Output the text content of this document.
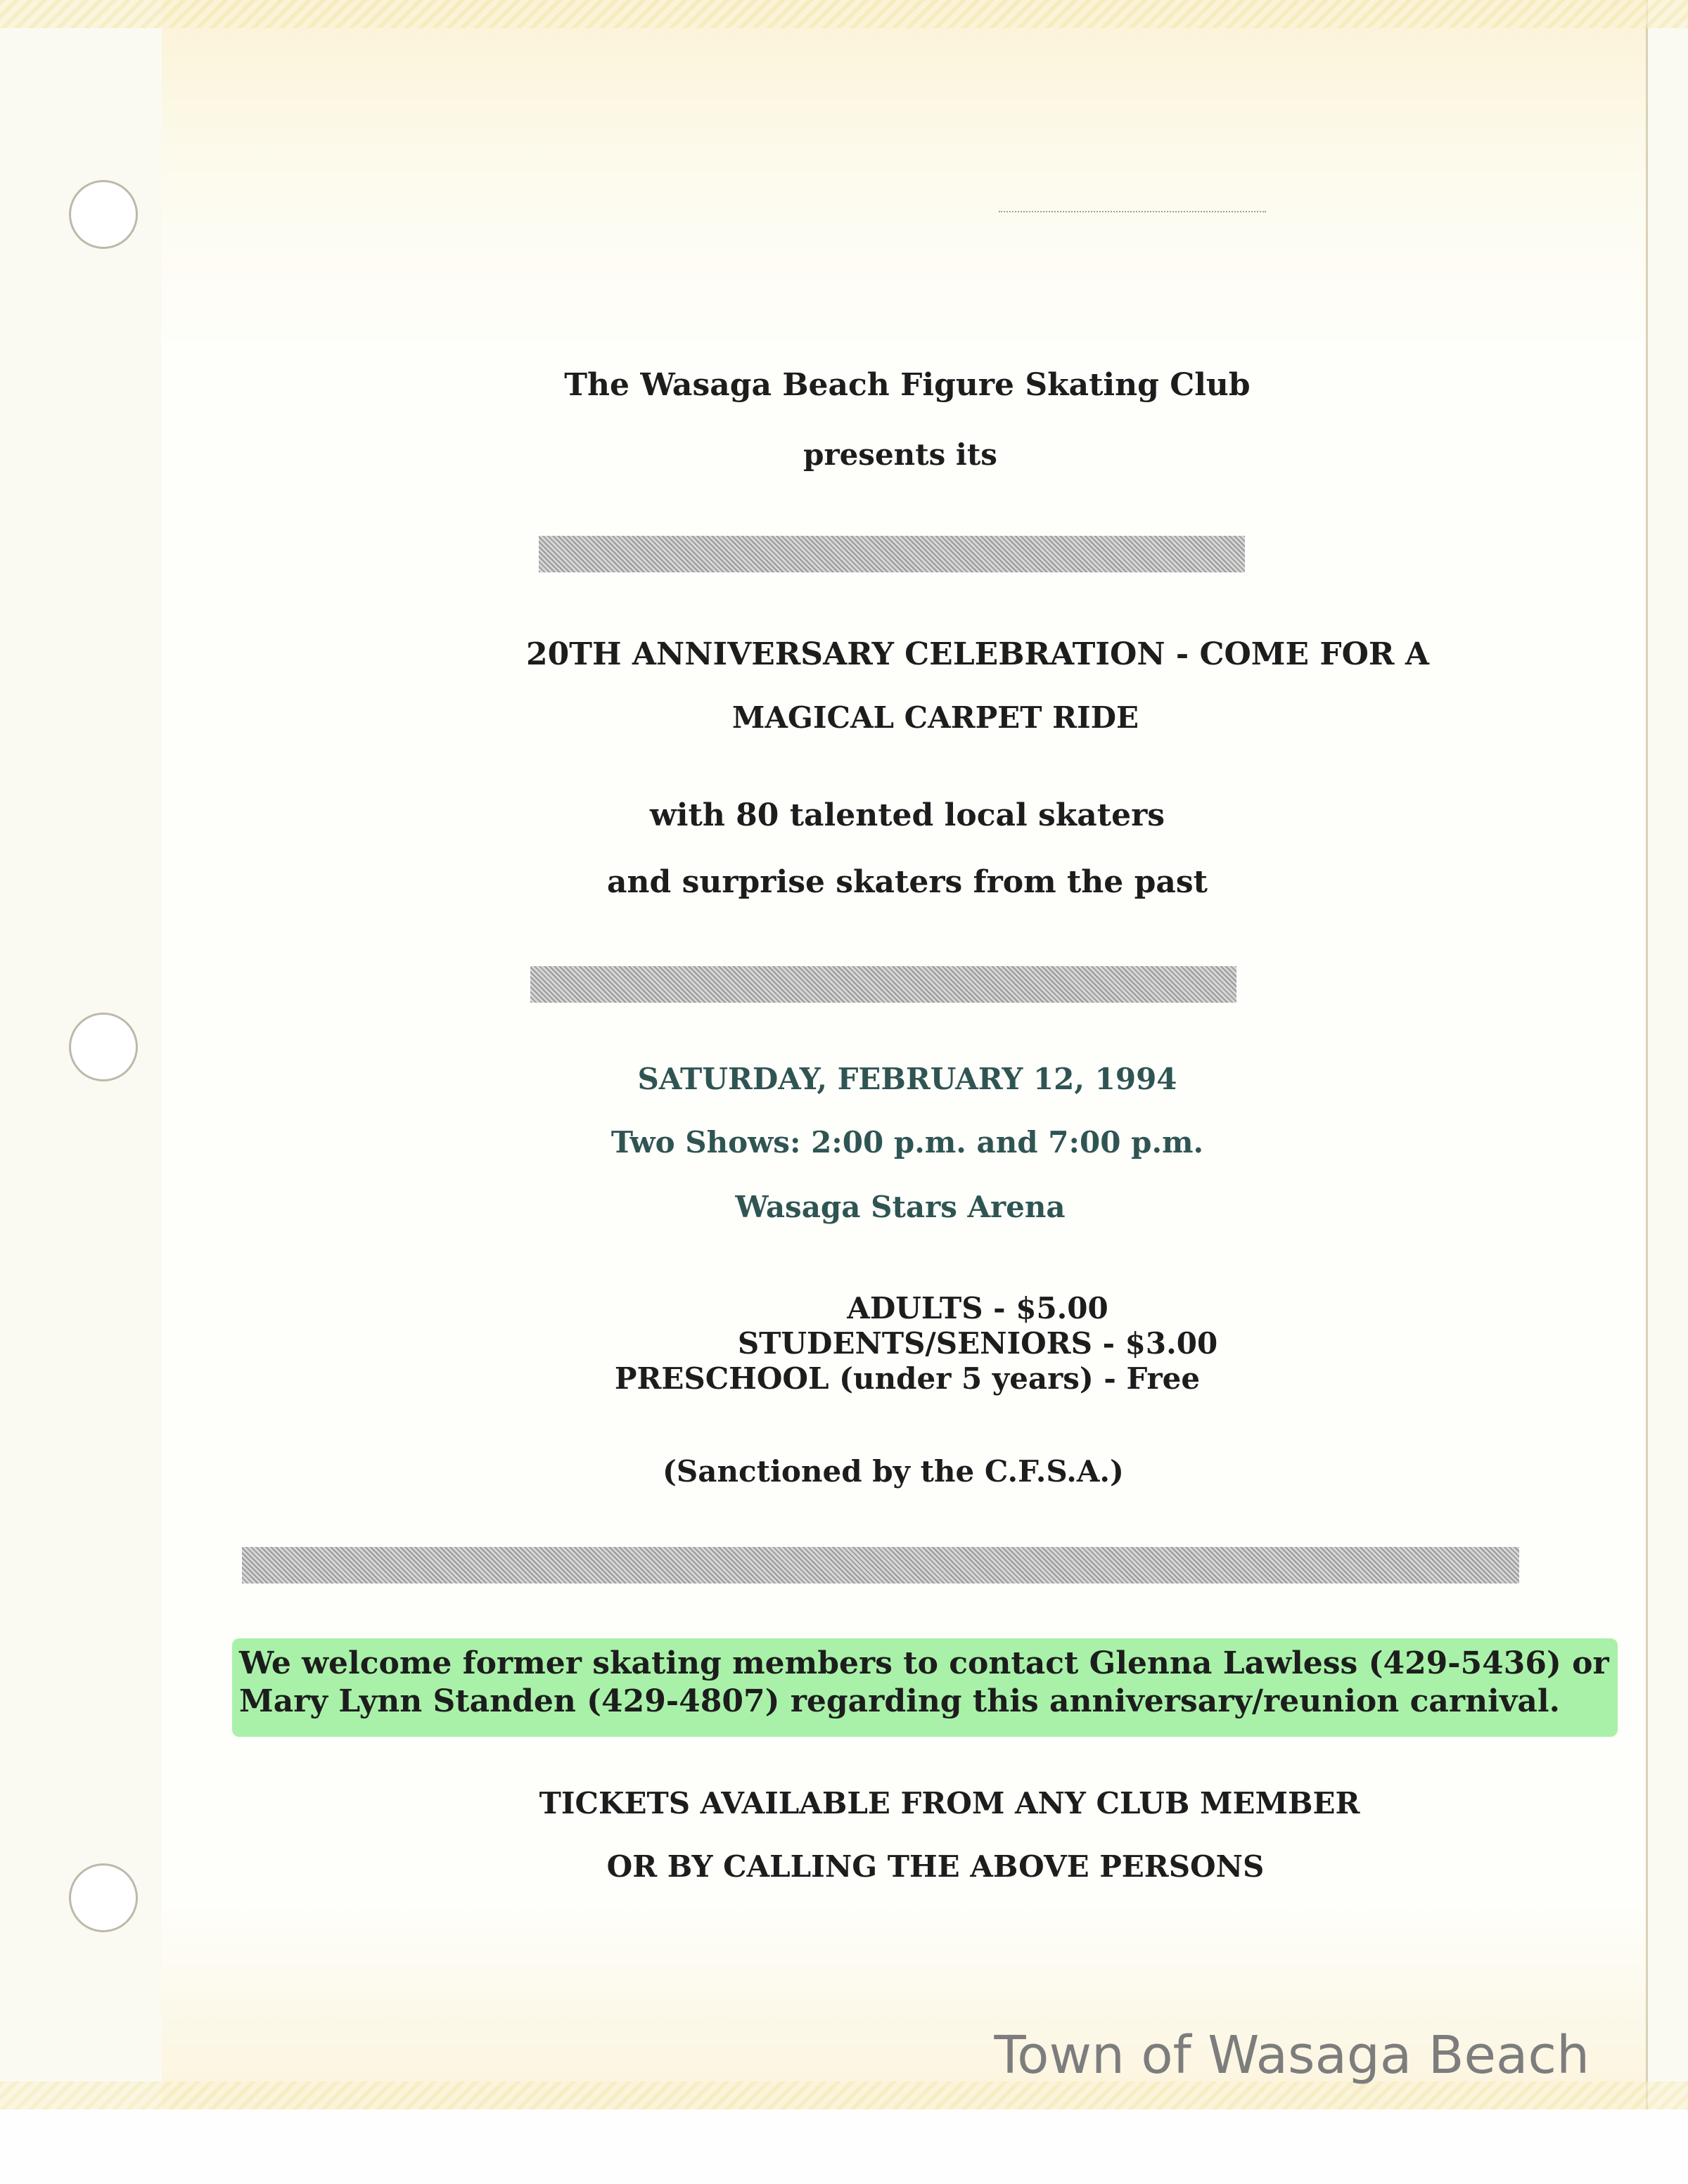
The Wasaga Beach Figure Skating Club
presents its
20TH ANNIVERSARY CELEBRATION - COME FOR A
MAGICAL CARPET RIDE
with 80 talented local skaters
and surprise skaters from the past
SATURDAY, FEBRUARY 12, 1994
Two Shows: 2:00 p.m. and 7:00 p.m.
Wasaga Stars Arena
ADULTS - $5.00
STUDENTS/SENIORS - $3.00
PRESCHOOL (under 5 years) - Free
(Sanctioned by the C.F.S.A.)
We welcome former skating members to contact Glenna Lawless (429-5436) or
Mary Lynn Standen (429-4807) regarding this anniversary/reunion carnival.
TICKETS AVAILABLE FROM ANY CLUB MEMBER
OR BY CALLING THE ABOVE PERSONS
Town of Wasaga Beach
